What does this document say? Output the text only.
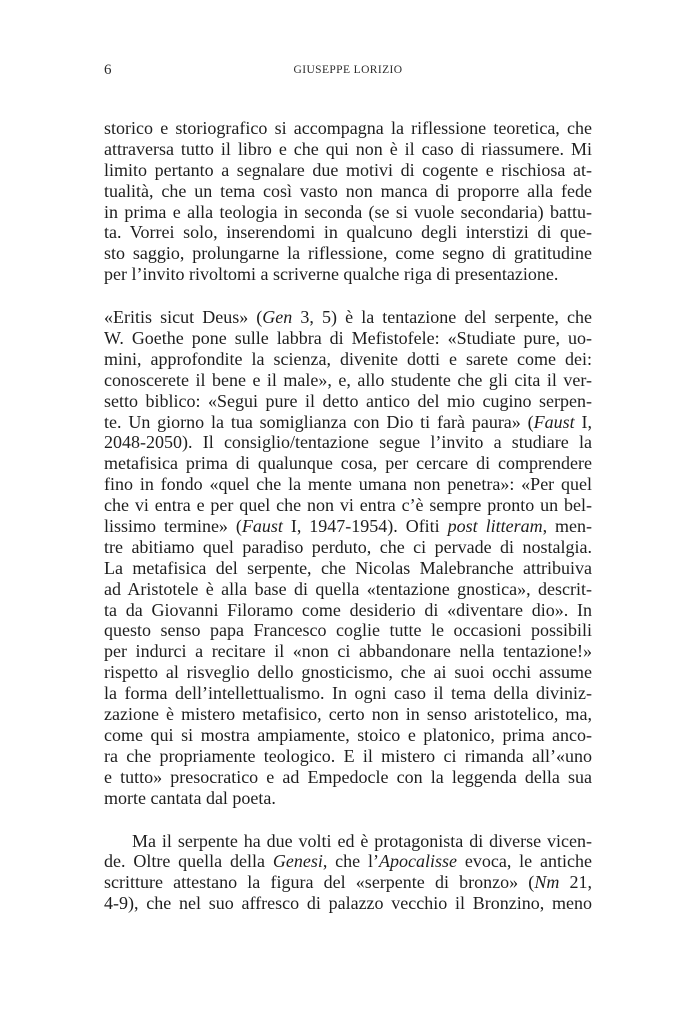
6	GIUSEPPE LORIZIO
storico e storiografico si accompagna la riflessione teoretica, che
attraversa tutto il libro e che qui non è il caso di riassumere. Mi
limito pertanto a segnalare due motivi di cogente e rischiosa at-
tualità, che un tema così vasto non manca di proporre alla fede
in prima e alla teologia in seconda (se si vuole secondaria) battu-
ta. Vorrei solo, inserendomi in qualcuno degli interstizi di que-
sto saggio, prolungarne la riflessione, come segno di gratitudine
per l’invito rivoltomi a scriverne qualche riga di presentazione.
«Eritis sicut Deus» (Gen 3, 5) è la tentazione del serpente, che
W. Goethe pone sulle labbra di Mefistofele: «Studiate pure, uo-
mini, approfondite la scienza, divenite dotti e sarete come dei:
conoscerete il bene e il male», e, allo studente che gli cita il ver-
setto biblico: «Segui pure il detto antico del mio cugino serpen-
te. Un giorno la tua somiglianza con Dio ti farà paura» (Faust I,
2048-2050). Il consiglio/tentazione segue l’invito a studiare la
metafisica prima di qualunque cosa, per cercare di comprendere
fino in fondo «quel che la mente umana non penetra»: «Per quel
che vi entra e per quel che non vi entra c’è sempre pronto un bel-
lissimo termine» (Faust I, 1947-1954). Ofiti post litteram, men-
tre abitiamo quel paradiso perduto, che ci pervade di nostalgia.
La metafisica del serpente, che Nicolas Malebranche attribuiva
ad Aristotele è alla base di quella «tentazione gnostica», descrit-
ta da Giovanni Filoramo come desiderio di «diventare dio». In
questo senso papa Francesco coglie tutte le occasioni possibili
per indurci a recitare il «non ci abbandonare nella tentazione!»
rispetto al risveglio dello gnosticismo, che ai suoi occhi assume
la forma dell’intellettualismo. In ogni caso il tema della diviniz-
zazione è mistero metafisico, certo non in senso aristotelico, ma,
come qui si mostra ampiamente, stoico e platonico, prima anco-
ra che propriamente teologico. E il mistero ci rimanda all’«uno
e tutto» presocratico e ad Empedocle con la leggenda della sua
morte cantata dal poeta.
Ma il serpente ha due volti ed è protagonista di diverse vicen-
de. Oltre quella della Genesi, che l’Apocalisse evoca, le antiche
scritture attestano la figura del «serpente di bronzo» (Nm 21,
4-9), che nel suo affresco di palazzo vecchio il Bronzino, meno
